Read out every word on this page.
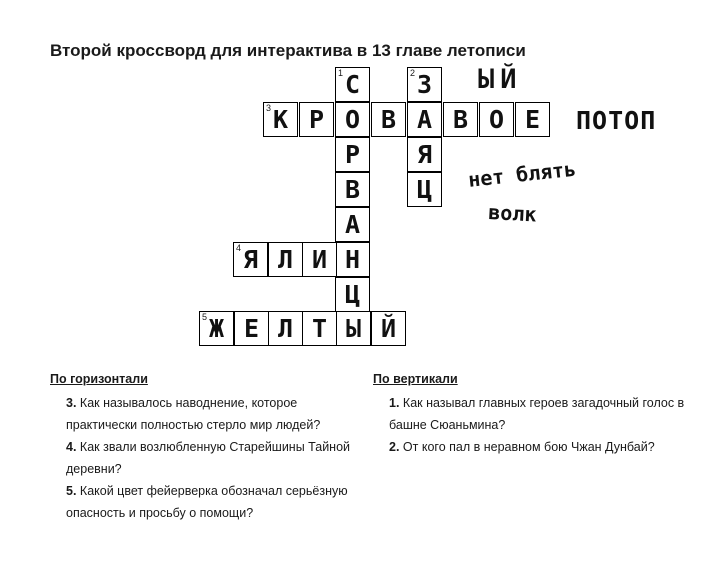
Второй кроссворд для интерактива в 13 главе летописи
1 С
О
Р
В
А
Н
Ц
2 З
Я
Ц
3 К Р	В А В О Е
4 Я Л И
5 Ж Е Л Т Ы Й
ЫЙ
ПОТОП
нет блять
волк
По горизонтали
3. Как называлось наводнение, которое практически полностью стерло мир людей?
4. Как звали возлюбленную Старейшины Тайной деревни?
5. Какой цвет фейерверка обозначал серьёзную опасность и просьбу о помощи?
По вертикали
1. Как называл главных героев загадочный голос в башне Сюаньмина?
2. От кого пал в неравном бою Чжан Дунбай?
